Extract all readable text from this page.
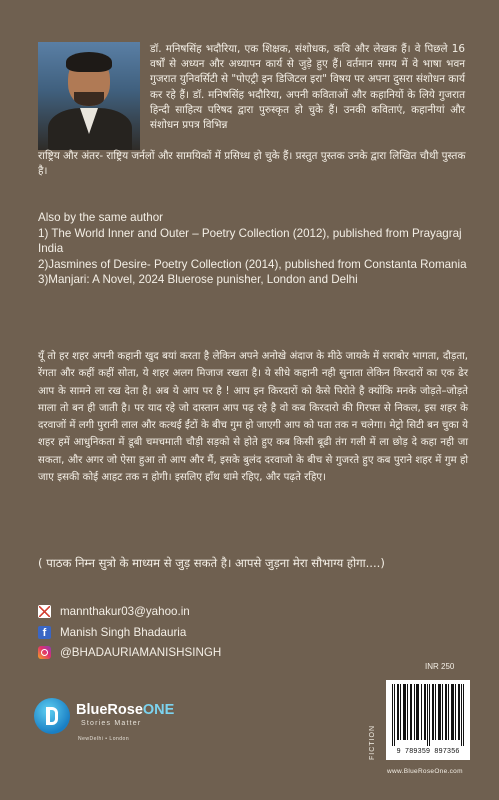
डॉ. मनिषसिंह भदौरिया, एक शिक्षक, संशोधक, कवि और लेखक हैं। वे पिछले 16 वर्षों से अध्यन और अध्यापन कार्य से जुड़े हुए हैं। वर्तमान समय में वे भाषा भवन गुजरात युनिवर्सिटी से "पोएट्री इन डिजिटल इरा" विषय पर अपना दुसरा संशोधन कार्य कर रहे हैं। डॉ. मनिषसिंह भदौरिया, अपनी कविताओं और कहानियों के लिये गुजरात हिन्दी साहित्य परिषद द्वारा पुरुस्कृत हो चुके हैं। उनकी कविताएं, कहानीयां और संशोधन प्रपत्र विभिन्न

राष्ट्रिय और अंतर- राष्ट्रिय जर्नलों और सामयिकों में प्रसिध्ध हो चुके हैं। प्रस्तुत पुस्तक उनके द्वारा लिखित चौथी पुस्तक है।

Also by the same author

1) The World Inner and Outer – Poetry Collection (2012), published from Prayagraj India

2)Jasmines of Desire- Poetry Collection (2014), published from Constanta Romania

3)Manjari: A Novel, 2024 Bluerose punisher, London and Delhi

यूँ तो हर शहर अपनी कहानी खुद बयां करता है लेकिन अपने अनोखे अंदाज के मीठे जायके में सराबोर भागता, दौड़ता, रेंगता और कहीं कहीं सोता, ये शहर अलग मिजाज रखता है। ये सीधे कहानी नही सुनाता लेकिन किरदारों का एक ढेर आप के सामने ला रख देता है। अब ये आप पर है ! आप इन किरदारों को कैसे पिरोते है क्योंकि मनके जोड़ते–जोड़ते माला तो बन ही जाती है। पर याद रहे जो दास्तान आप पढ़ रहे है वो कब किरदारो की गिरफ्त से निकल, इस शहर के दरवाजों में लगी पुरानी लाल और कत्थई ईंटों के बीच गुम हो जाएगी आप को पता तक न चलेगा। मेट्रो सिटी बन चुका ये शहर हमें आधुनिकता में डूबी चमचमाती चौड़ी सड़को से होते हुए कब किसी बूढी तंग गली में ला छोड़ दे कहा नही जा सकता, और अगर जो ऐसा हुआ तो आप और मैं, इसके बुलंद दरवाजो के बीच से गुजरते हुए कब पुराने शहर में गुम हो जाए इसकी कोई आहट तक न होगी। इसलिए हाँथ थामे रहिए, और पढ़ते रहिए।

( पाठक निम्न सुत्रो के माध्यम से जुड़ सकते है। आपसे जुड़ना मेरा सौभाग्य होगा....)

mannthakur03@yahoo.in
f	Manish Singh Bhadauria
@BHADAURIAMANISHSINGH
INR 250
BlueRoseONE
Stories Matter
NewDelhi • London	FICTION	9 789359 897356
www.BlueRoseOne.com
